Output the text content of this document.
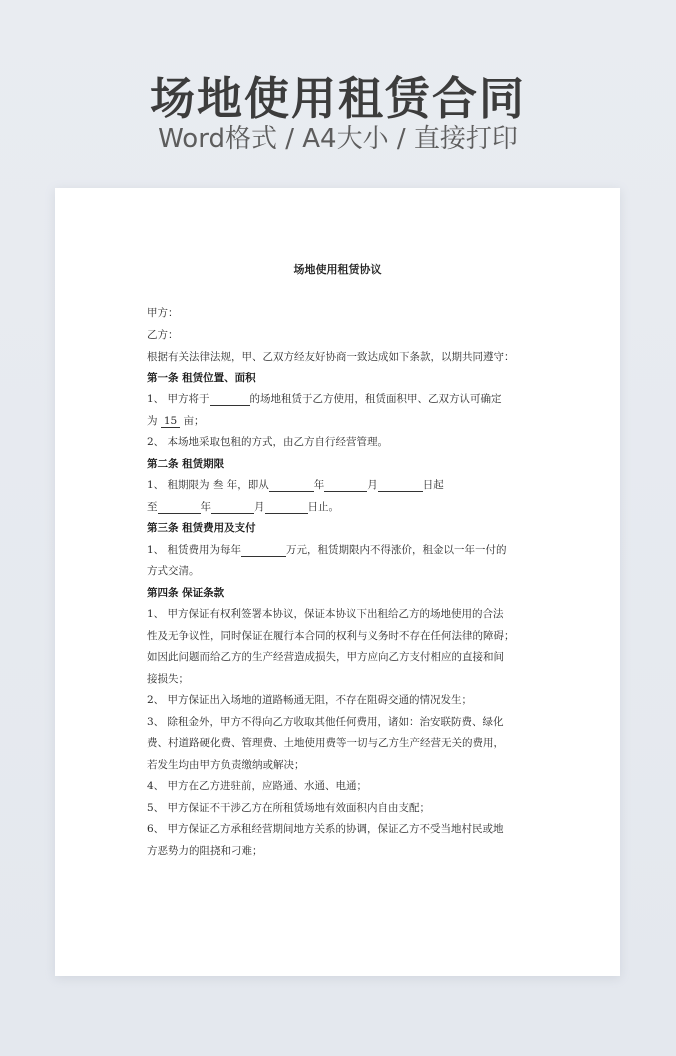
场地使用租赁合同
Word格式 / A4大小 / 直接打印
场地使用租赁协议
甲方：
乙方：
根据有关法律法规，甲、乙双方经友好协商一致达成如下条款，以期共同遵守：
第一条 租赁位置、面积
1、 甲方将于	的场地租赁于乙方使用，租赁面积甲、乙双方认可确定
为 15 亩；
2、 本场地采取包租的方式，由乙方自行经营管理。
第二条 租赁期限
1、 租期限为 叁 年，即从	年	月	日起
至	年	月	日止。
第三条 租赁费用及支付
1、 租赁费用为每年	万元，租赁期限内不得涨价，租金以一年一付的
方式交清。
第四条 保证条款
1、 甲方保证有权利签署本协议，保证本协议下出租给乙方的场地使用的合法
性及无争议性，同时保证在履行本合同的权利与义务时不存在任何法律的障碍；
如因此问题而给乙方的生产经营造成损失，甲方应向乙方支付相应的直接和间
接损失；
2、 甲方保证出入场地的道路畅通无阻，不存在阻碍交通的情况发生；
3、 除租金外，甲方不得向乙方收取其他任何费用，诸如：治安联防费、绿化
费、村道路硬化费、管理费、土地使用费等一切与乙方生产经营无关的费用，
若发生均由甲方负责缴纳或解决；
4、 甲方在乙方进驻前，应路通、水通、电通；
5、 甲方保证不干涉乙方在所租赁场地有效面积内自由支配；
6、 甲方保证乙方承租经营期间地方关系的协调，保证乙方不受当地村民或地
方恶势力的阻挠和刁难；
